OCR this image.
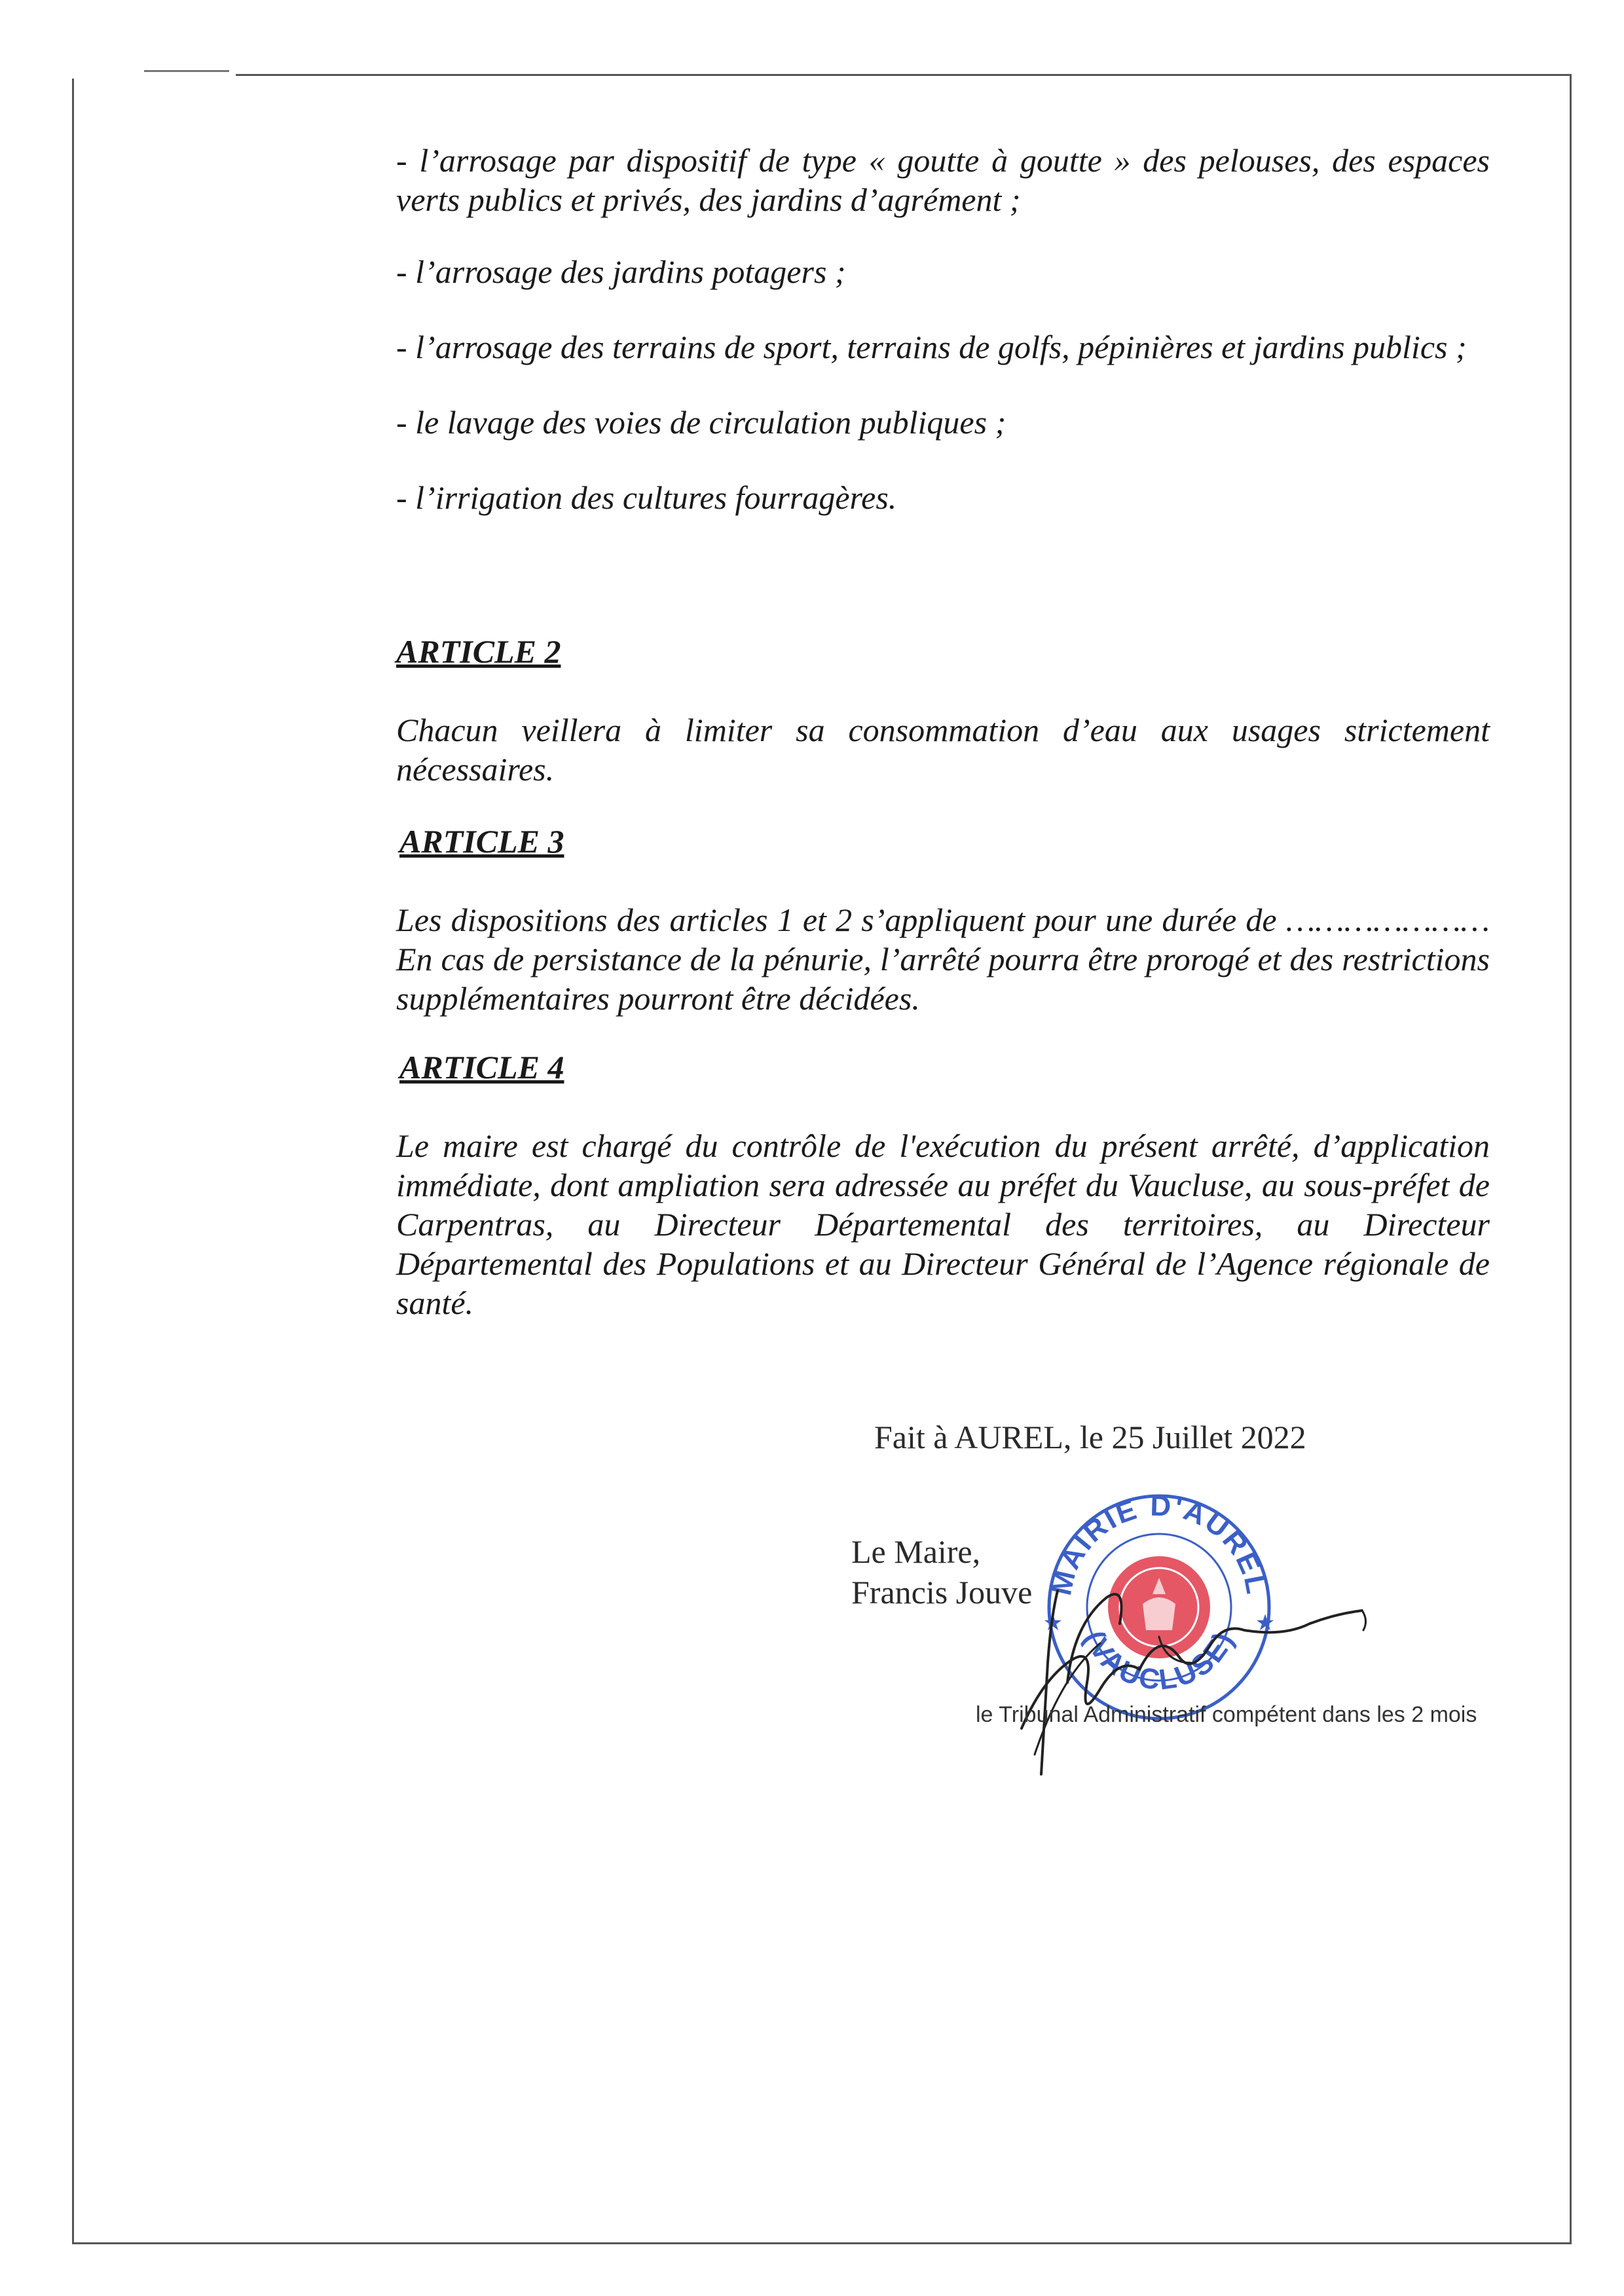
- l’arrosage par dispositif de type « goutte à goutte » des pelouses, des espaces verts publics et privés, des jardins d’agrément ;

- l’arrosage des jardins potagers ;

- l’arrosage des terrains de sport, terrains de golfs, pépinières et jardins publics ;

- le lavage des voies de circulation publiques ;

- l’irrigation des cultures fourragères.

ARTICLE 2

Chacun veillera à limiter sa consommation d’eau aux usages strictement nécessaires.

ARTICLE 3

Les dispositions des articles 1 et 2 s’appliquent pour une durée de …………………

En cas de persistance de la pénurie, l’arrêté pourra être prorogé et des restrictions supplémentaires pourront être décidées.

ARTICLE 4

Le maire est chargé du contrôle de l'exécution du présent arrêté, d’application immédiate, dont ampliation sera adressée au préfet du Vaucluse, au sous-préfet de Carpentras, au Directeur Départemental des territoires, au Directeur Départemental des Populations et au Directeur Général de l’Agence régionale de santé.

Fait à AUREL, le 25 Juillet 2022
MAIRIE D'AUREL
(VAUCLUSE)
★	★
Le Maire,
Francis Jouve
le Tribunal Administratif compétent dans les 2 mois
